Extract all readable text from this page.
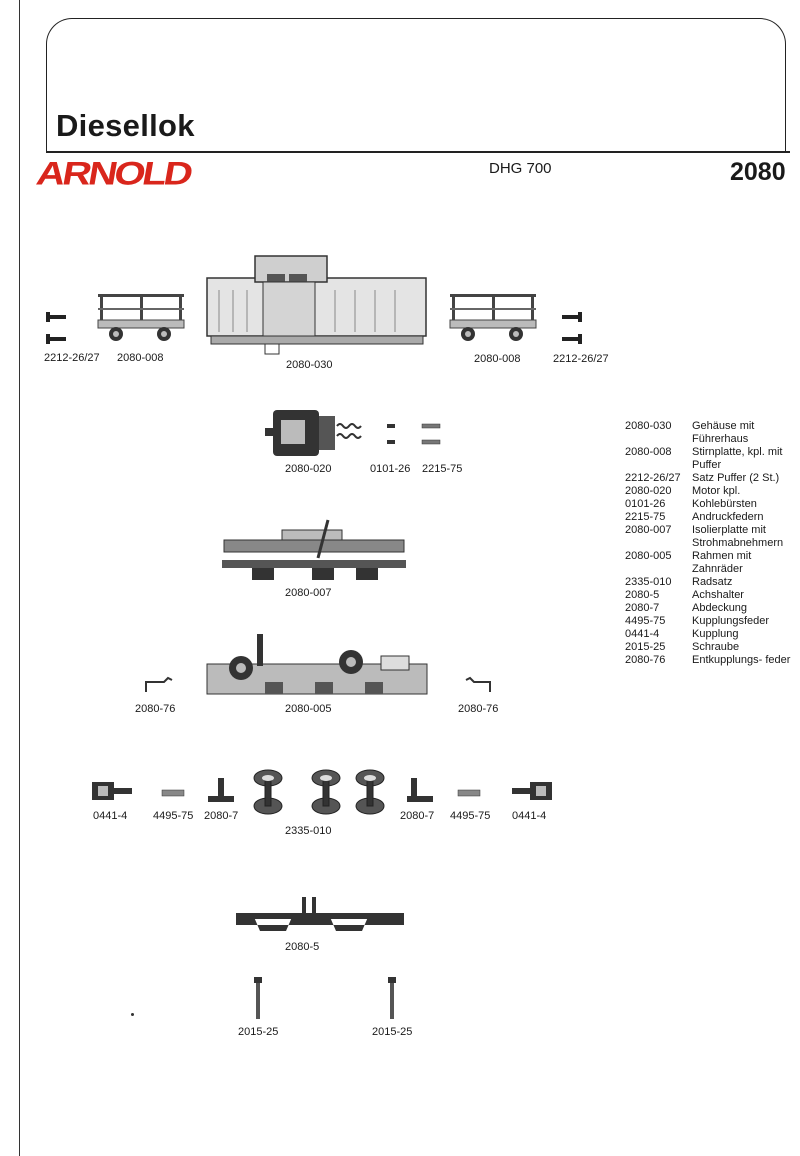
Diesellok
ARNOLD	DHG 700	2080
2212-26/27 2080-008
2080-030	2080-008	2212-26/27
2080-020	0101-26 2215-75
2080-007
2080-76	2080-005	2080-76
0441-4 4495-75 2080-7
2335-010
2080-7 4495-75 0441-4
2080-5
2015-25	2015-25
2080-030	Gehäuse mit Führerhaus
2080-008	Stirnplatte, kpl. mit Puffer
2212-26/27	Satz Puffer (2 St.)
2080-020	Motor kpl.
0101-26	Kohlebürsten
2215-75	Andruckfedern
2080-007	Isolierplatte mit Strohmabnehmern
2080-005	Rahmen mit Zahnräder
2335-010	Radsatz
2080-5	Achshalter
2080-7	Abdeckung
4495-75	Kupplungsfeder
0441-4	Kupplung
2015-25	Schraube
2080-76	Entkupplungs- feder
